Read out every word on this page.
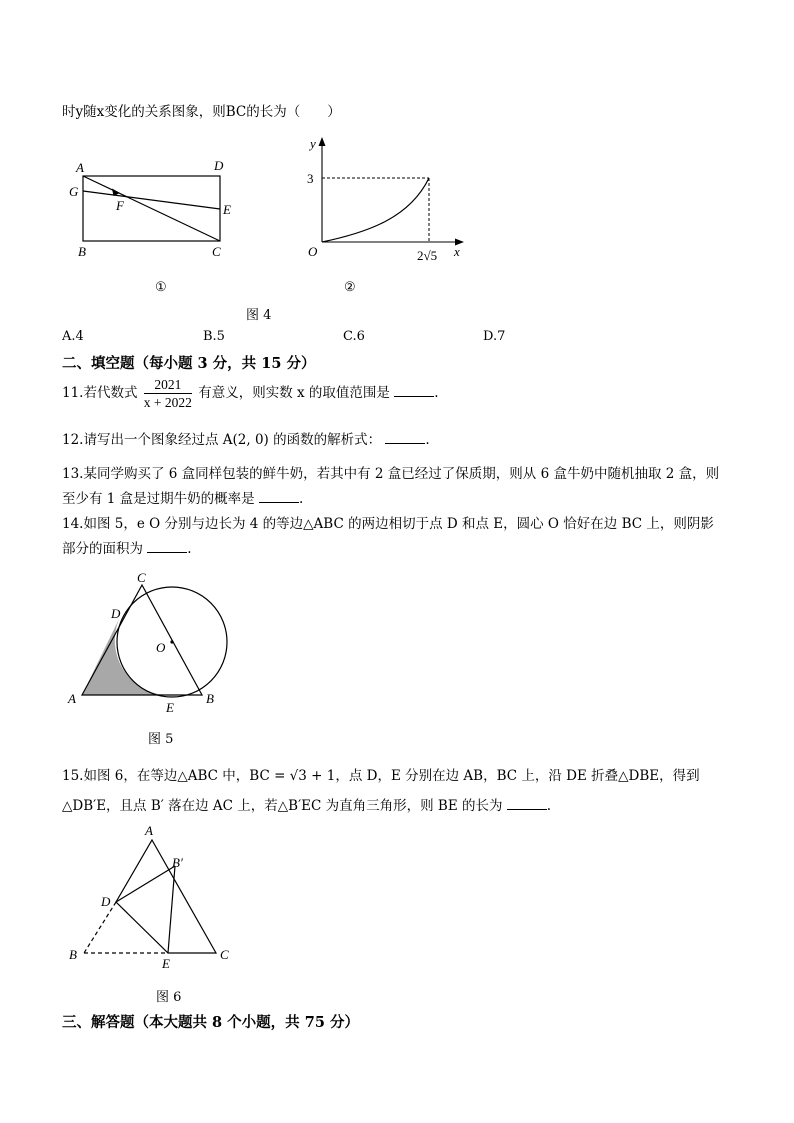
时y随x变化的关系图象，则BC的长为（　　）
A	D
G
F	E
B	C
①
y
x
O
3
2√5
②
图 4
A.4	B.5	C.6	D.7
二、填空题（每小题 3 分，共 15 分）
11.若代数式 $\frac{2021}{x + 2022}$ 有意义，则实数 x 的取值范围是	.
12.请写出一个图象经过点 A(2, 0) 的函数的解析式：	.
13.某同学购买了 6 盒同样包装的鲜牛奶，若其中有 2 盒已经过了保质期，则从 6 盒牛奶中随机抽取 2 盒，则
至少有 1 盒是过期牛奶的概率是	.
14.如图 5，e O 分别与边长为 4 的等边△ABC 的两边相切于点 D 和点 E，圆心 O 恰好在边 BC 上，则阴影
部分的面积为	.
C
D
O
A
E
B
图 5
15.如图 6，在等边△ABC 中，BC = √3 + 1，点 D，E 分别在边 AB，BC 上，沿 DE 折叠△DBE，得到
△DB′E，且点 B′ 落在边 AC 上，若△B′EC 为直角三角形，则 BE 的长为	.
A
B′
D
B
E
C
图 6
三、解答题（本大题共 8 个小题，共 75 分）
